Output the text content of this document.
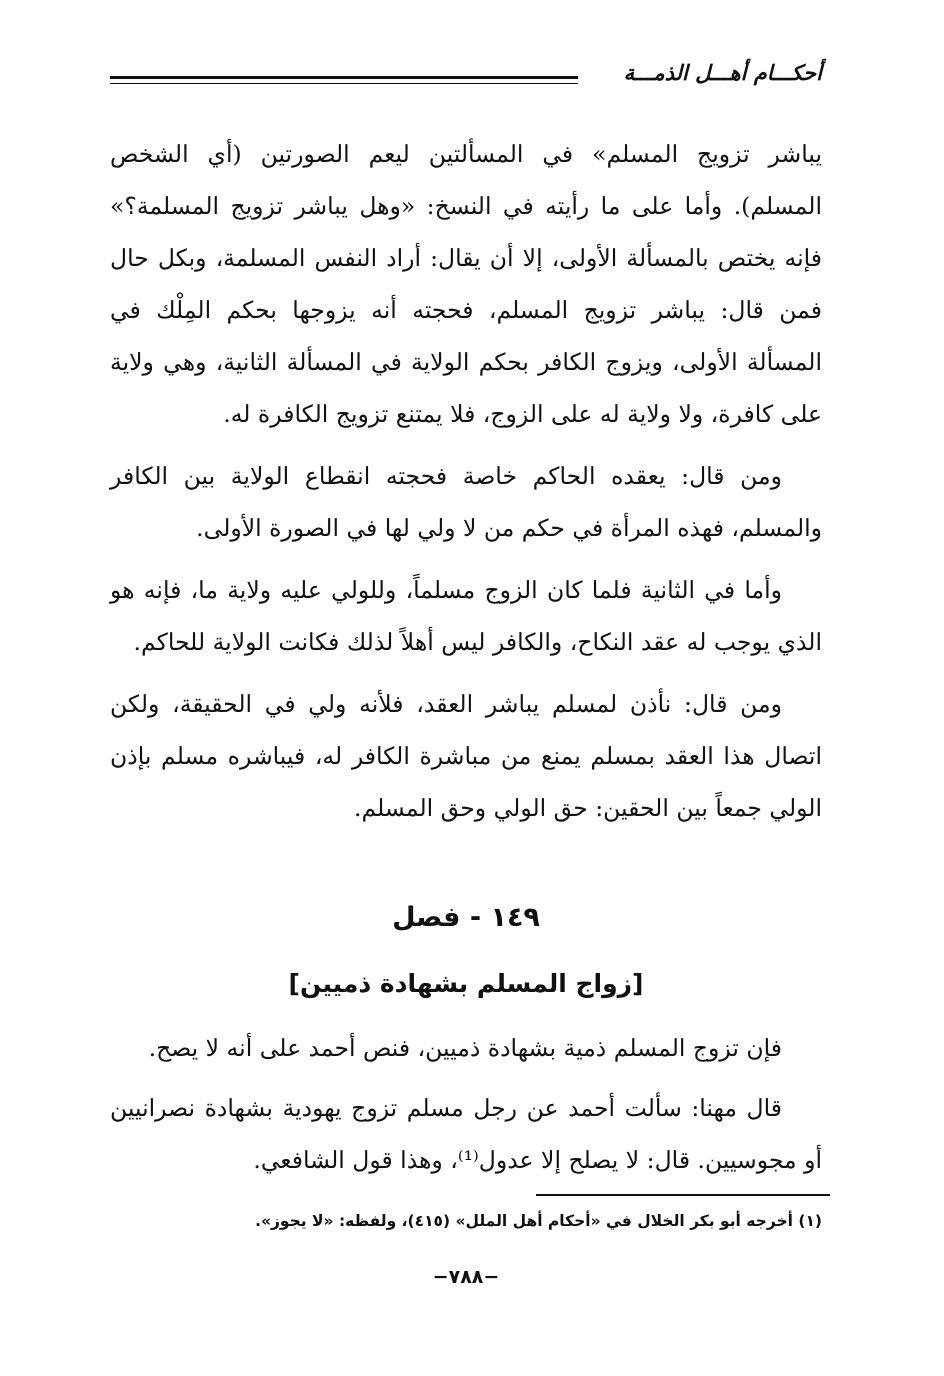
أحكـــام أهـــل الذمـــة

يباشر تزويج المسلم» في المسألتين ليعم الصورتين (أي الشخص المسلم). وأما على ما رأيته في النسخ: «وهل يباشر تزويج المسلمة؟» فإنه يختص بالمسألة الأولى، إلا أن يقال: أراد النفس المسلمة، وبكل حال فمن قال: يباشر تزويج المسلم، فحجته أنه يزوجها بحكم المِلْك في المسألة الأولى، ويزوج الكافر بحكم الولاية في المسألة الثانية، وهي ولاية على كافرة، ولا ولاية له على الزوج، فلا يمتنع تزويج الكافرة له.

ومن قال: يعقده الحاكم خاصة فحجته انقطاع الولاية بين الكافر والمسلم، فهذه المرأة في حكم من لا ولي لها في الصورة الأولى.

وأما في الثانية فلما كان الزوج مسلماً، وللولي عليه ولاية ما، فإنه هو الذي يوجب له عقد النكاح، والكافر ليس أهلاً لذلك فكانت الولاية للحاكم.

ومن قال: نأذن لمسلم يباشر العقد، فلأنه ولي في الحقيقة، ولكن اتصال هذا العقد بمسلم يمنع من مباشرة الكافر له، فيباشره مسلم بإذن الولي جمعاً بين الحقين: حق الولي وحق المسلم.

١٤٩ - فصل
[زواج المسلم بشهادة ذميين]

فإن تزوج المسلم ذمية بشهادة ذميين، فنص أحمد على أنه لا يصح.

قال مهنا: سألت أحمد عن رجل مسلم تزوج يهودية بشهادة نصرانيين أو مجوسيين. قال: لا يصلح إلا عدول⁽¹⁾، وهذا قول الشافعي.

(١) أخرجه أبو بكر الخلال في «أحكام أهل الملل» (٤١٥)، ولفظه: «لا يجوز».
−٧٨٨−
